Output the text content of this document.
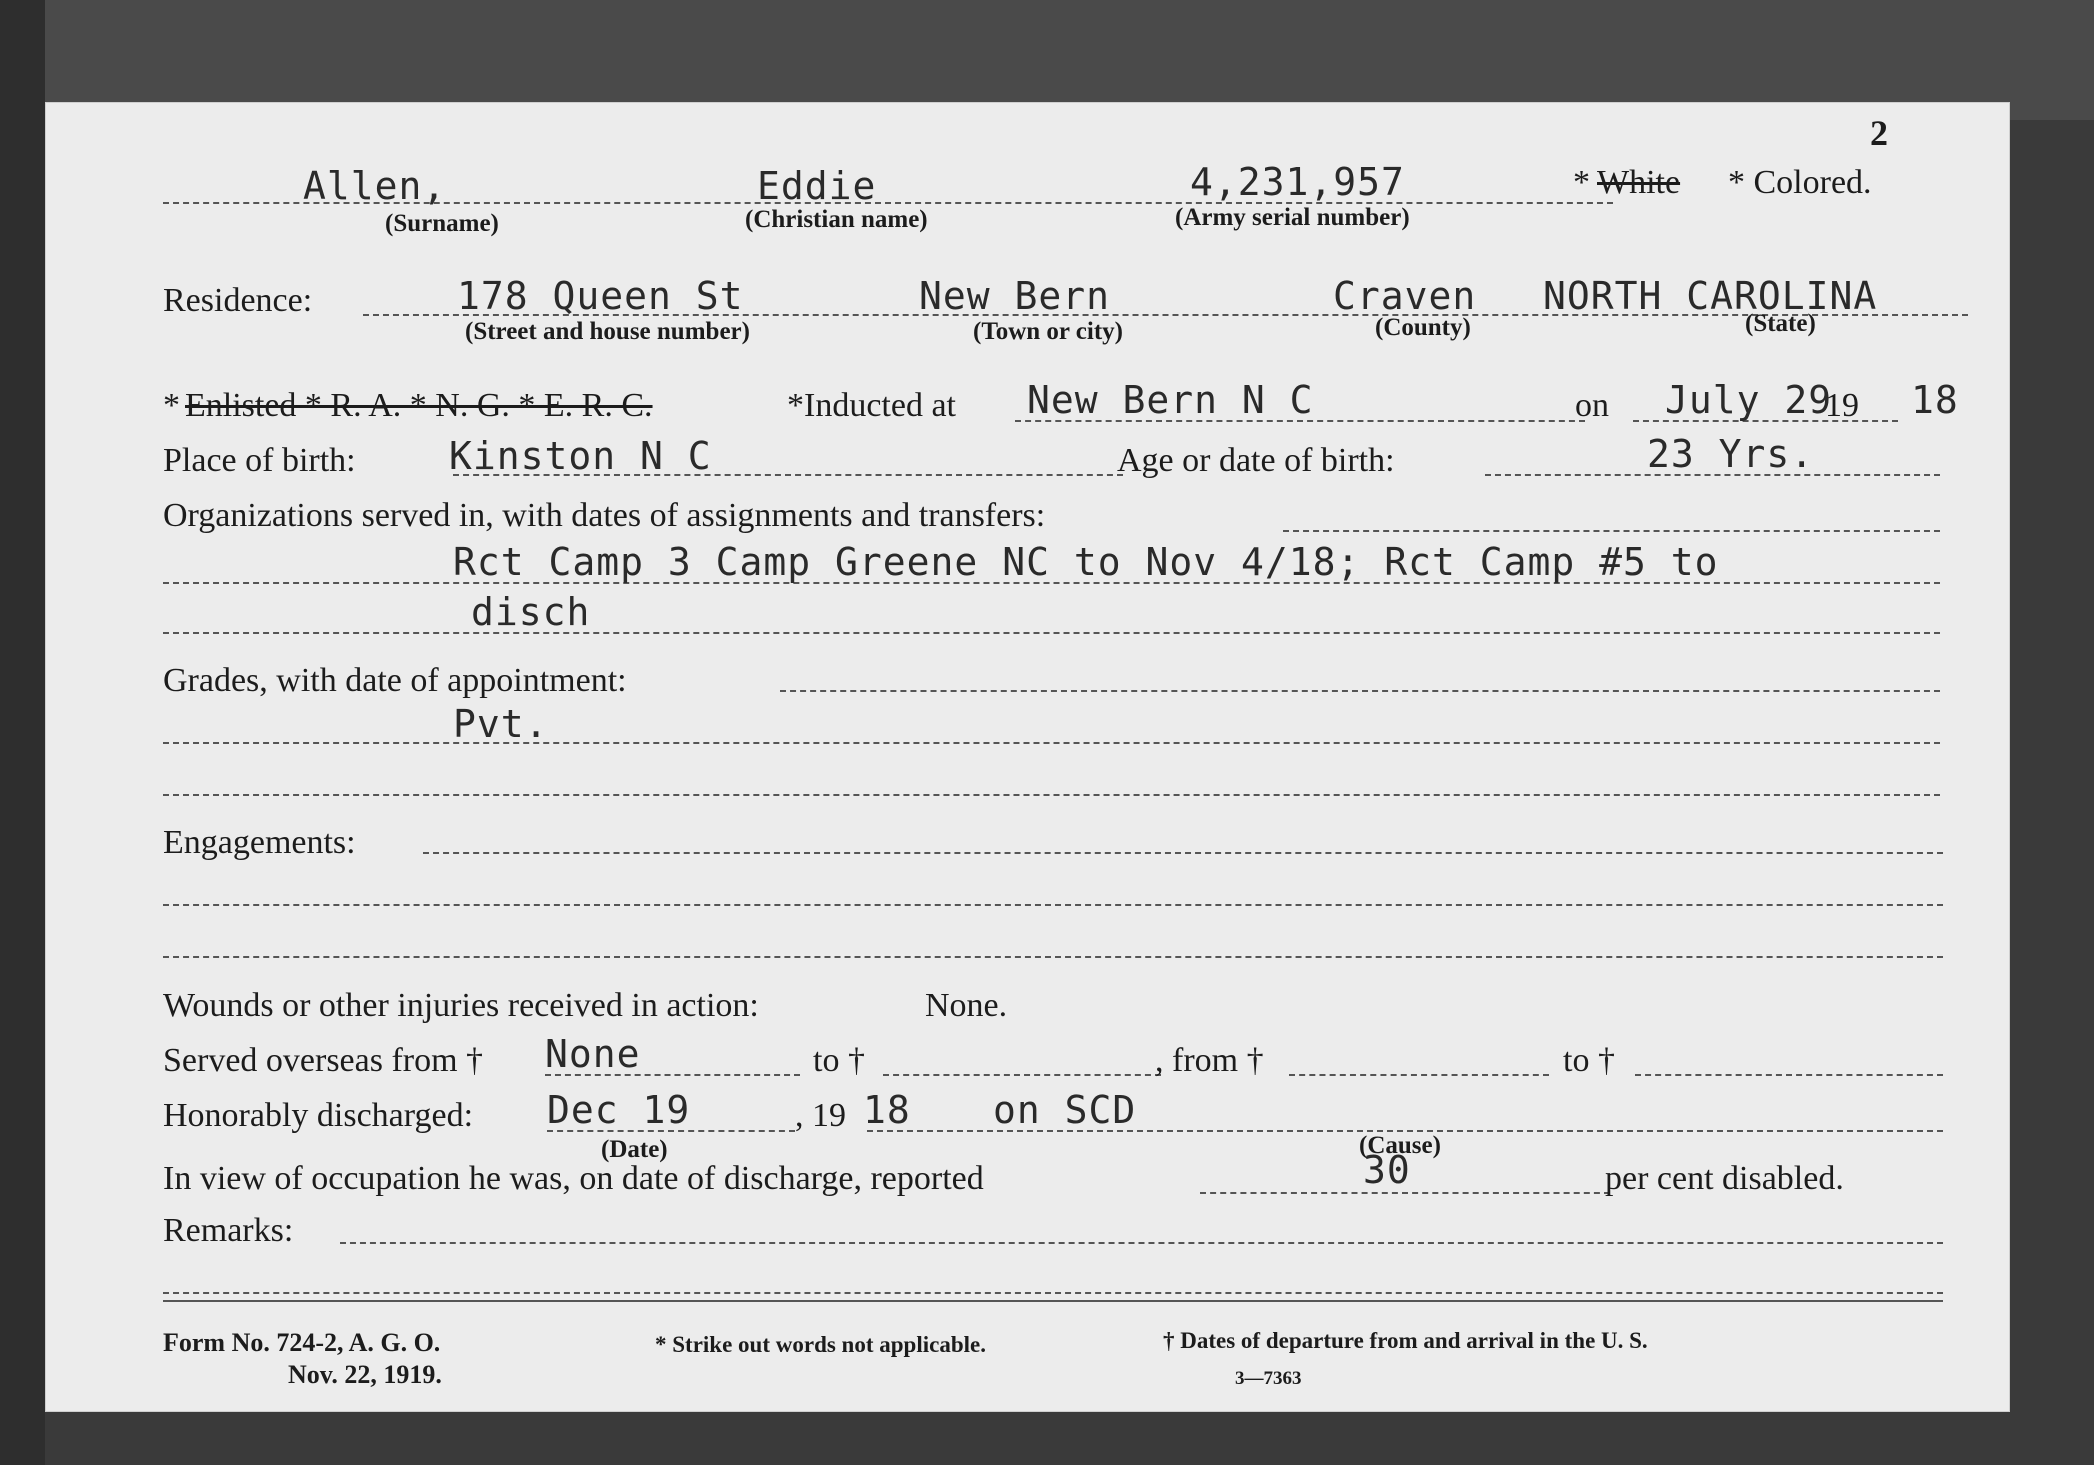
2
Allen,	Eddie	4,231,957	* White * Colored.
(Surname)	(Christian name)	(Army serial number)
Residence:	178 Queen St	New Bern	Craven NORTH CAROLINA
(Street and house number)	(Town or city)	(County)	(State)
* Enlisted * R. A. * N. G. * E. R. C.	*Inducted at New Bern N C	on July 29
19 18
Place of birth: Kinston N C	Age or date of birth:	23 Yrs.
Organizations served in, with dates of assignments and transfers:
Rct Camp 3 Camp Greene NC to Nov 4/18; Rct Camp #5 to
disch
Grades, with date of appointment:
Pvt.
Engagements:
Wounds or other injuries received in action:	None.
Served overseas from † None	to †	, from †	to †
Honorably discharged: Dec 19	, 19 18 on SCD
(Date)	(Cause)
In view of occupation he was, on date of discharge, reported	30	per cent disabled.
Remarks:
Form No. 724-2, A. G. O.
Nov. 22, 1919.
* Strike out words not applicable.	† Dates of departure from and arrival in the U. S.
3—7363
